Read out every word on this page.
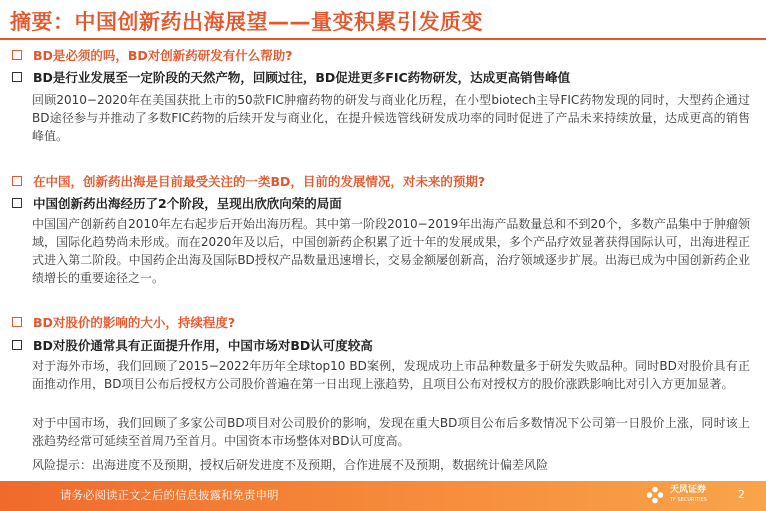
摘要：中国创新药出海展望——量变积累引发质变
BD是必须的吗，BD对创新药研发有什么帮助?
BD是行业发展至一定阶段的天然产物，回顾过往，BD促进更多FIC药物研发，达成更高销售峰值
回顾2010−2020年在美国获批上市的50款FIC肿瘤药物的研发与商业化历程，在小型biotech主导FIC药物发现的同时，大型药企通过BD途径参与并推动了多数FIC药物的后续开发与商业化，在提升候选管线研发成功率的同时促进了产品未来持续放量，达成更高的销售峰值。
在中国，创新药出海是目前最受关注的一类BD，目前的发展情况，对未来的预期?
中国创新药出海经历了2个阶段，呈现出欣欣向荣的局面
中国国产创新药自2010年左右起步后开始出海历程。其中第一阶段2010−2019年出海产品数量总和不到20个，多数产品集中于肿瘤领域，国际化趋势尚未形成。而在2020年及以后，中国创新药企积累了近十年的发展成果，多个产品疗效显著获得国际认可，出海进程正式进入第二阶段。中国药企出海及国际BD授权产品数量迅速增长，交易金额屡创新高，治疗领域逐步扩展。出海已成为中国创新药企业绩增长的重要途径之一。
BD对股价的影响的大小，持续程度?
BD对股价通常具有正面提升作用，中国市场对BD认可度较高
对于海外市场，我们回顾了2015−2022年历年全球top10 BD案例，发现成功上市品种数量多于研发失败品种。同时BD对股价具有正面推动作用，BD项目公布后授权方公司股价普遍在第一日出现上涨趋势，且项目公布对授权方的股价涨跌影响比对引入方更加显著。
对于中国市场，我们回顾了多家公司BD项目对公司股价的影响，发现在重大BD项目公布后多数情况下公司第一日股价上涨，同时该上涨趋势经常可延续至首周乃至首月。中国资本市场整体对BD认可度高。
风险提示：出海进度不及预期，授权后研发进度不及预期，合作进展不及预期，数据统计偏差风险
请务必阅读正文之后的信息披露和免责申明	天风证券
TF SECURITIES	2
